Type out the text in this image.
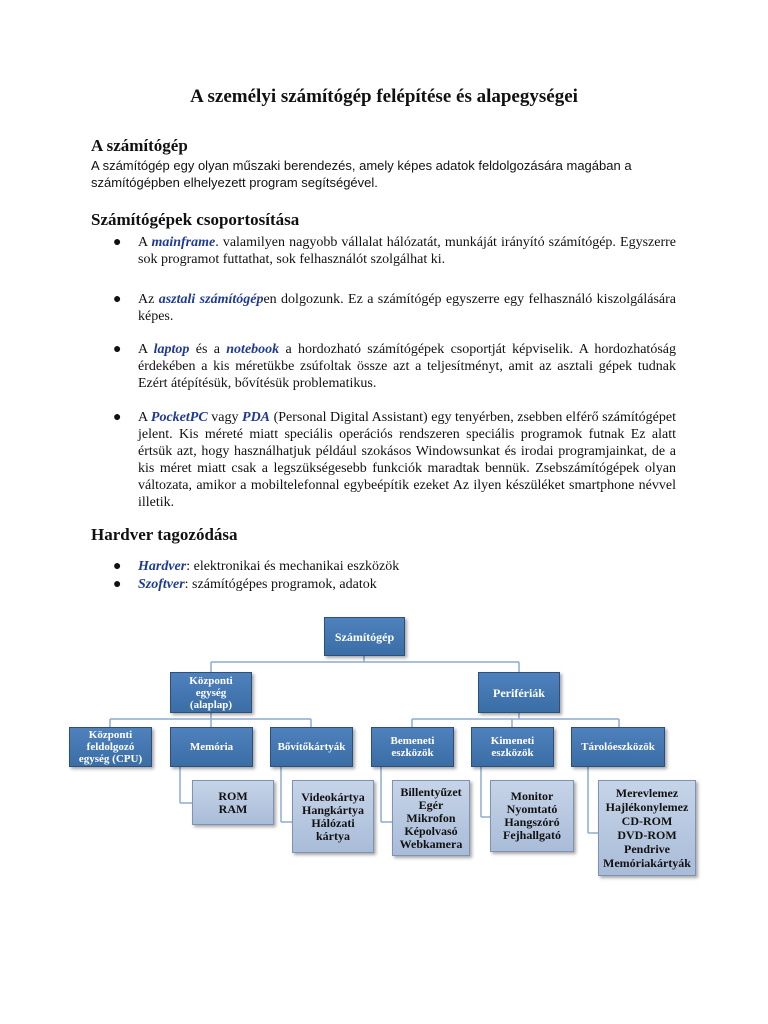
A személyi számítógép felépítése és alapegységei
A számítógép

A számítógép egy olyan műszaki berendezés, amely képes adatok feldolgozására magában a számítógépben elhelyezett program segítségével.

Számítógépek csoportosítása
● A mainframe. valamilyen nagyobb vállalat hálózatát, munkáját irányító számítógép. Egyszerre sok programot futtathat, sok felhasználót szolgálhat ki.

● Az asztali számítógépen dolgozunk. Ez a számítógép egyszerre egy felhasználó kiszolgálására képes.

● A laptop és a notebook a hordozható számítógépek csoportját képviselik. A hordozhatóság érdekében a kis méretükbe zsúfoltak össze azt a teljesítményt, amit az asztali gépek tudnak Ezért átépítésük, bővítésük problematikus.

● A PocketPC vagy PDA (Personal Digital Assistant) egy tenyérben, zsebben elférő számítógépet jelent. Kis méreté miatt speciális operációs rendszeren speciális programok futnak Ez alatt értsük azt, hogy használhatjuk például szokásos Windowsunkat és irodai programjainkat, de a kis méret miatt csak a legszükségesebb funkciók maradtak bennük. Zsebszámítógépek olyan változata, amikor a mobiltelefonnal egybeépítik ezeket Az ilyen készüléket smartphone névvel illetik.

Hardver tagozódása
● Hardver: elektronikai és mechanikai eszközök

● Szoftver: számítógépes programok, adatok

Számítógép
Központi
egység
(alaplap)
Perifériák
Központi
feldolgozó
egység (CPU)
Memória	Bővítőkártyák	Bemeneti
eszközök
Kimeneti
eszközök	Tárolóeszközök
ROM
RAM
Videokártya
Hangkártya
Hálózati
kártya
Billentyűzet
Egér
Mikrofon
Képolvasó
Webkamera
Monitor
Nyomtató
Hangszóró
Fejhallgató
Merevlemez
Hajlékonylemez
CD-ROM
DVD-ROM
Pendrive
Memóriakártyák
